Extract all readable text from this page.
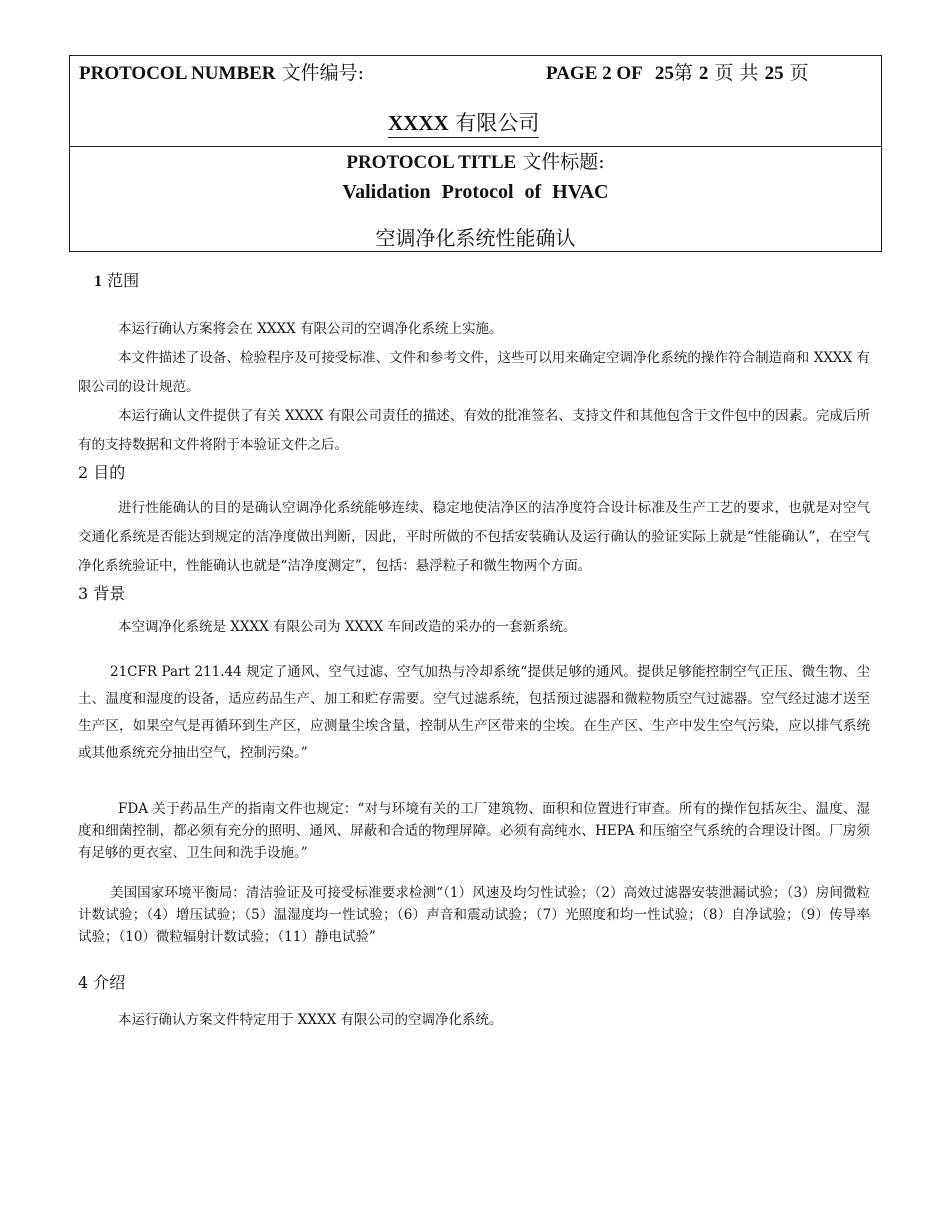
PROTOCOL NUMBER 文件编号:	PAGE 2 OF 25第 2 页 共 25 页
XXXX 有限公司
PROTOCOL TITLE 文件标题:
Validation Protocol of HVAC
空调净化系统性能确认
1 范围

本运行确认方案将会在 XXXX 有限公司的空调净化系统上实施。

本文件描述了设备、检验程序及可接受标准、文件和参考文件，这些可以用来确定空调净化系统的操作符合制造商和 XXXX 有限公司的设计规范。

本运行确认文件提供了有关 XXXX 有限公司责任的描述、有效的批准签名、支持文件和其他包含于文件包中的因素。完成后所有的支持数据和文件将附于本验证文件之后。

2 目的

进行性能确认的目的是确认空调净化系统能够连续、稳定地使洁净区的洁净度符合设计标准及生产工艺的要求，也就是对空气交通化系统是否能达到规定的洁净度做出判断，因此，平时所做的不包括安装确认及运行确认的验证实际上就是“性能确认”，在空气净化系统验证中，性能确认也就是“洁净度测定”，包括：悬浮粒子和微生物两个方面。

3 背景

本空调净化系统是 XXXX 有限公司为 XXXX 车间改造的采办的一套新系统。

21CFR Part 211.44 规定了通风、空气过滤、空气加热与冷却系统“提供足够的通风。提供足够能控制空气正压、微生物、尘土、温度和湿度的设备，适应药品生产、加工和贮存需要。空气过滤系统，包括预过滤器和微粒物质空气过滤器。空气经过滤才送至生产区，如果空气是再循环到生产区，应测量尘埃含量，控制从生产区带来的尘埃。在生产区、生产中发生空气污染，应以排气系统或其他系统充分抽出空气，控制污染。”

FDA 关于药品生产的指南文件也规定：“对与环境有关的工厂建筑物、面积和位置进行审查。所有的操作包括灰尘、温度、湿度和细菌控制，都必须有充分的照明、通风、屏蔽和合适的物理屏障。必须有高纯水、HEPA 和压缩空气系统的合理设计图。厂房须有足够的更衣室、卫生间和洗手设施。”

美国国家环境平衡局：清洁验证及可接受标准要求检测“（1）风速及均匀性试验；（2）高效过滤器安装泄漏试验；（3）房间微粒计数试验；（4）增压试验；（5）温湿度均一性试验；（6）声音和震动试验；（7）光照度和均一性试验；（8）自净试验；（9）传导率试验；（10）微粒辐射计数试验；（11）静电试验”

4 介绍

本运行确认方案文件特定用于 XXXX 有限公司的空调净化系统。
